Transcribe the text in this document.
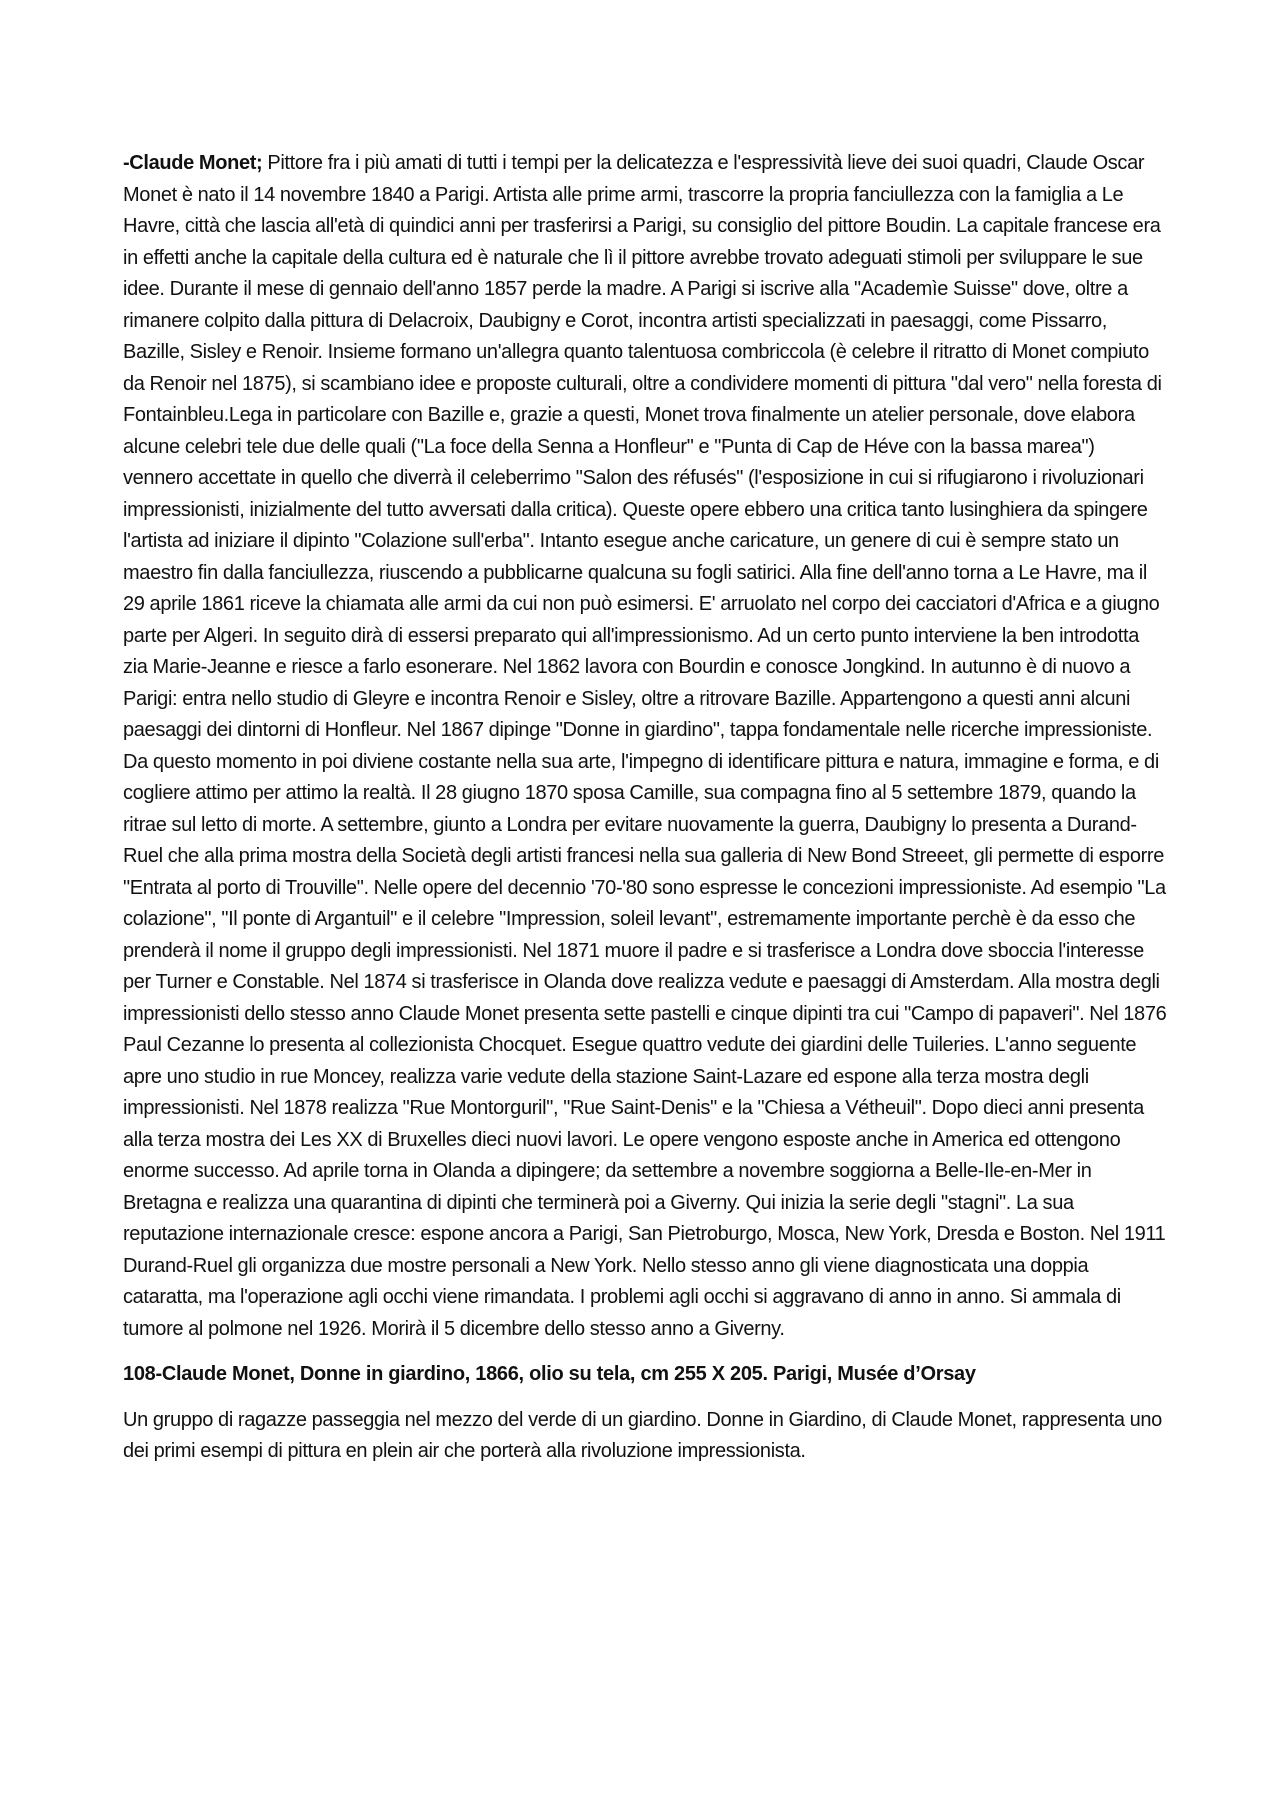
-Claude Monet; Pittore fra i più amati di tutti i tempi per la delicatezza e l'espressività lieve dei suoi quadri, Claude Oscar Monet è nato il 14 novembre 1840 a Parigi. Artista alle prime armi, trascorre la propria fanciullezza con la famiglia a Le Havre, città che lascia all'età di quindici anni per trasferirsi a Parigi, su consiglio del pittore Boudin. La capitale francese era in effetti anche la capitale della cultura ed è naturale che lì il pittore avrebbe trovato adeguati stimoli per sviluppare le sue idee. Durante il mese di gennaio dell'anno 1857 perde la madre. A Parigi si iscrive alla "Academìe Suisse" dove, oltre a rimanere colpito dalla pittura di Delacroix, Daubigny e Corot, incontra artisti specializzati in paesaggi, come Pissarro, Bazille, Sisley e Renoir. Insieme formano un'allegra quanto talentuosa combriccola (è celebre il ritratto di Monet compiuto da Renoir nel 1875), si scambiano idee e proposte culturali, oltre a condividere momenti di pittura "dal vero" nella foresta di Fontainbleu.Lega in particolare con Bazille e, grazie a questi, Monet trova finalmente un atelier personale, dove elabora alcune celebri tele due delle quali ("La foce della Senna a Honfleur" e "Punta di Cap de Héve con la bassa marea") vennero accettate in quello che diverrà il celeberrimo "Salon des réfusés" (l'esposizione in cui si rifugiarono i rivoluzionari impressionisti, inizialmente del tutto avversati dalla critica). Queste opere ebbero una critica tanto lusinghiera da spingere l'artista ad iniziare il dipinto "Colazione sull'erba". Intanto esegue anche caricature, un genere di cui è sempre stato un maestro fin dalla fanciullezza, riuscendo a pubblicarne qualcuna su fogli satirici. Alla fine dell'anno torna a Le Havre, ma il 29 aprile 1861 riceve la chiamata alle armi da cui non può esimersi. E' arruolato nel corpo dei cacciatori d'Africa e a giugno parte per Algeri. In seguito dirà di essersi preparato qui all'impressionismo. Ad un certo punto interviene la ben introdotta zia Marie-Jeanne e riesce a farlo esonerare. Nel 1862 lavora con Bourdin e conosce Jongkind. In autunno è di nuovo a Parigi: entra nello studio di Gleyre e incontra Renoir e Sisley, oltre a ritrovare Bazille. Appartengono a questi anni alcuni paesaggi dei dintorni di Honfleur. Nel 1867 dipinge "Donne in giardino", tappa fondamentale nelle ricerche impressioniste. Da questo momento in poi diviene costante nella sua arte, l'impegno di identificare pittura e natura, immagine e forma, e di cogliere attimo per attimo la realtà. Il 28 giugno 1870 sposa Camille, sua compagna fino al 5 settembre 1879, quando la ritrae sul letto di morte. A settembre, giunto a Londra per evitare nuovamente la guerra, Daubigny lo presenta a Durand-Ruel che alla prima mostra della Società degli artisti francesi nella sua galleria di New Bond Streeet, gli permette di esporre "Entrata al porto di Trouville". Nelle opere del decennio '70-'80 sono espresse le concezioni impressioniste. Ad esempio "La colazione", "Il ponte di Argantuil" e il celebre "Impression, soleil levant", estremamente importante perchè è da esso che prenderà il nome il gruppo degli impressionisti. Nel 1871 muore il padre e si trasferisce a Londra dove sboccia l'interesse per Turner e Constable. Nel 1874 si trasferisce in Olanda dove realizza vedute e paesaggi di Amsterdam. Alla mostra degli impressionisti dello stesso anno Claude Monet presenta sette pastelli e cinque dipinti tra cui "Campo di papaveri". Nel 1876 Paul Cezanne lo presenta al collezionista Chocquet. Esegue quattro vedute dei giardini delle Tuileries. L'anno seguente apre uno studio in rue Moncey, realizza varie vedute della stazione Saint-Lazare ed espone alla terza mostra degli impressionisti. Nel 1878 realizza "Rue Montorguril", "Rue Saint-Denis" e la "Chiesa a Vétheuil". Dopo dieci anni presenta alla terza mostra dei Les XX di Bruxelles dieci nuovi lavori. Le opere vengono esposte anche in America ed ottengono enorme successo. Ad aprile torna in Olanda a dipingere; da settembre a novembre soggiorna a Belle-Ile-en-Mer in Bretagna e realizza una quarantina di dipinti che terminerà poi a Giverny. Qui inizia la serie degli "stagni". La sua reputazione internazionale cresce: espone ancora a Parigi, San Pietroburgo, Mosca, New York, Dresda e Boston. Nel 1911 Durand-Ruel gli organizza due mostre personali a New York. Nello stesso anno gli viene diagnosticata una doppia cataratta, ma l'operazione agli occhi viene rimandata. I problemi agli occhi si aggravano di anno in anno. Si ammala di tumore al polmone nel 1926. Morirà il 5 dicembre dello stesso anno a Giverny.

108-Claude Monet, Donne in giardino, 1866, olio su tela, cm 255 X 205. Parigi, Musée d’Orsay

Un gruppo di ragazze passeggia nel mezzo del verde di un giardino. Donne in Giardino, di Claude Monet, rappresenta uno dei primi esempi di pittura en plein air che porterà alla rivoluzione impressionista.
